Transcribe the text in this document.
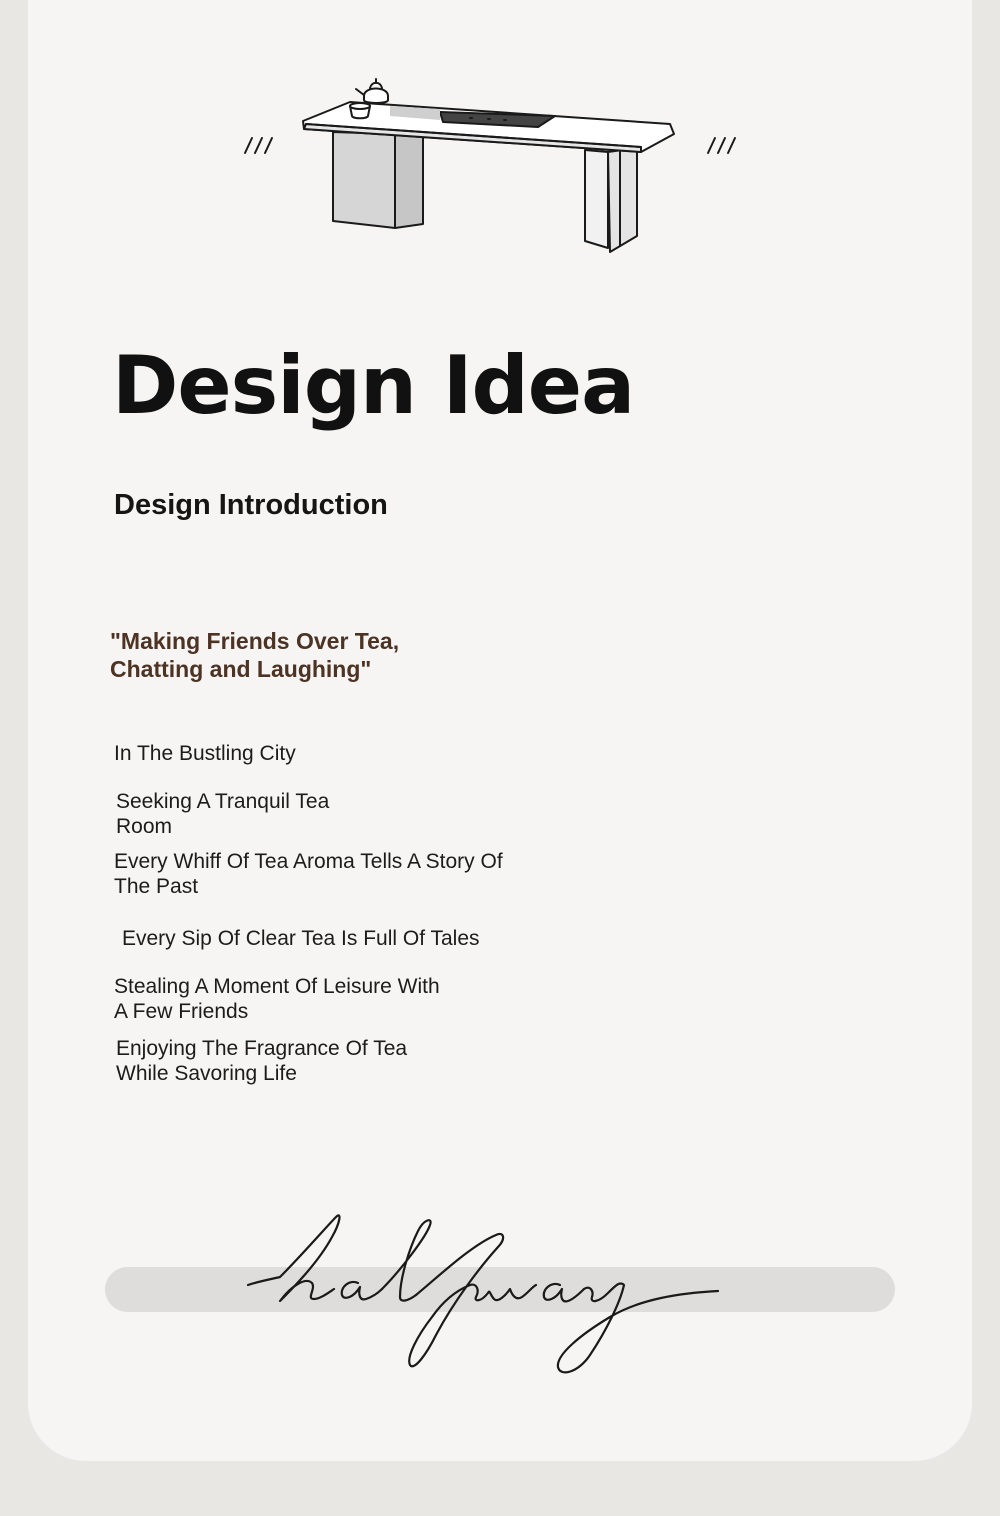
Design Idea
Design Introduction

"Making Friends Over Tea,
Chatting and Laughing"

In The Bustling City

Seeking A Tranquil Tea
Room

Every Whiff Of Tea Aroma Tells A Story Of
The Past

Every Sip Of Clear Tea Is Full Of Tales

Stealing A Moment Of Leisure With
A Few Friends

Enjoying The Fragrance Of Tea
While Savoring Life
